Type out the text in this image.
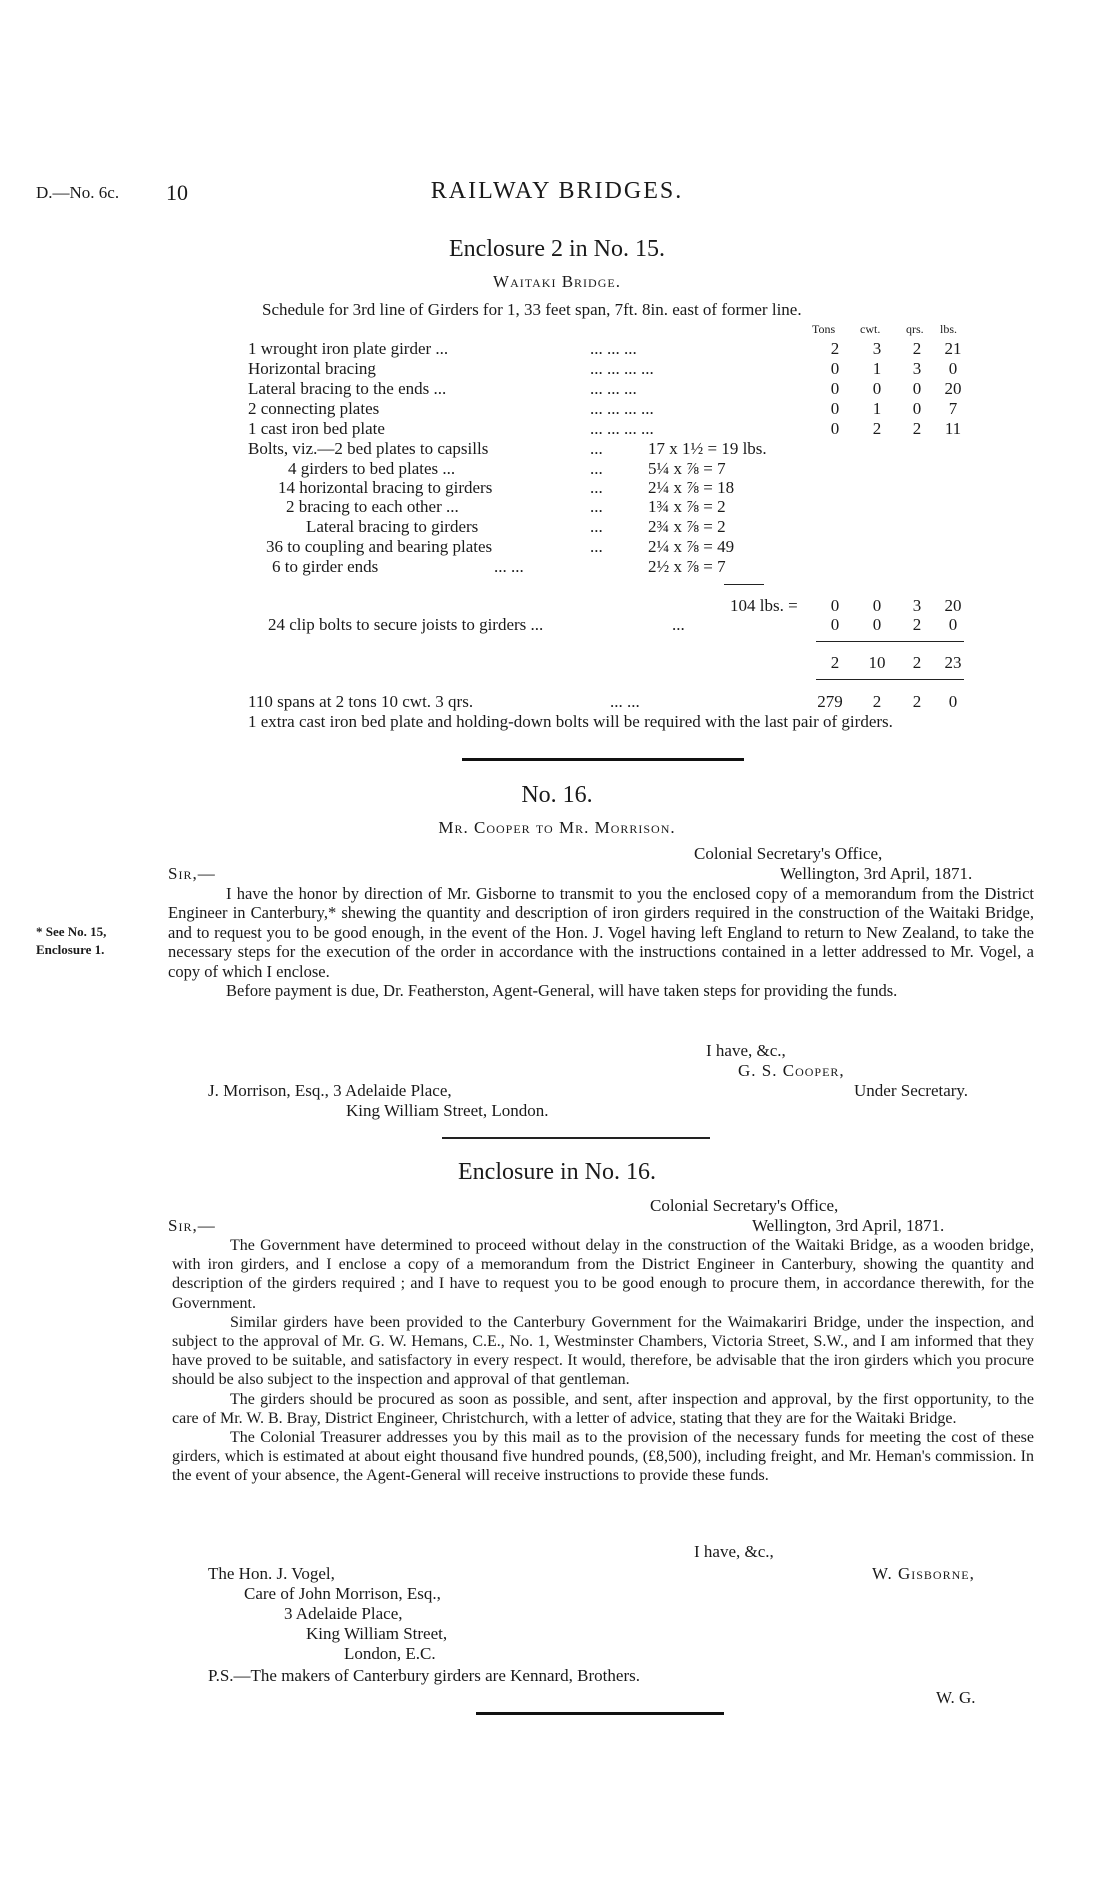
D.—No. 6c. 10	RAILWAY BRIDGES.
Enclosure 2 in No. 15.
Waitaki Bridge.
Schedule for 3rd line of Girders for 1, 33 feet span, 7ft. 8in. east of former line.
Tons cwt. qrs. lbs.
1 wrought iron plate girder ...	... ... ...	2	3	2	21
Horizontal bracing	... ... ... ...	0	1	3	0
Lateral bracing to the ends ...	... ... ...	0	0	0	20
2 connecting plates	... ... ... ...	0	1	0	7
1 cast iron bed plate	... ... ... ...	0	2	2	11
Bolts, viz.—2 bed plates to capsills	...	17 x 1½ = 19 lbs.
4 girders to bed plates ...	...	5¼ x ⅞ = 7
14 horizontal bracing to girders	...	2¼ x ⅞ = 18
2 bracing to each other ...	...	1¾ x ⅞ = 2
Lateral bracing to girders	...	2¾ x ⅞ = 2
36 to coupling and bearing plates	...	2¼ x ⅞ = 49
6 to girder ends	... ...	2½ x ⅞ = 7
104 lbs. =	0	0	3	20
24 clip bolts to secure joists to girders ...	...	0	0	2	0
2	10	2	23
110 spans at 2 tons 10 cwt. 3 qrs.	... ...	279	2	2	0
1 extra cast iron bed plate and holding-down bolts will be required with the last pair of girders.
No. 16.
Mr. Cooper to Mr. Morrison.
Colonial Secretary's Office,
Sir,—	Wellington, 3rd April, 1871.
* See No. 15,
Enclosure 1.

I have the honor by direction of Mr. Gisborne to transmit to you the enclosed copy of a memorandum from the District Engineer in Canterbury,* shewing the quantity and description of iron girders required in the construction of the Waitaki Bridge, and to request you to be good enough, in the event of the Hon. J. Vogel having left England to return to New Zealand, to take the necessary steps for the execution of the order in accordance with the instructions contained in a letter addressed to Mr. Vogel, a copy of which I enclose.

Before payment is due, Dr. Featherston, Agent-General, will have taken steps for providing the funds.

I have, &c.,
G. S. Cooper,
Under Secretary.
J. Morrison, Esq., 3 Adelaide Place,
King William Street, London.
Enclosure in No. 16.
Colonial Secretary's Office,
Sir,—	Wellington, 3rd April, 1871.

The Government have determined to proceed without delay in the construction of the Waitaki Bridge, as a wooden bridge, with iron girders, and I enclose a copy of a memorandum from the District Engineer in Canterbury, showing the quantity and description of the girders required ; and I have to request you to be good enough to procure them, in accordance therewith, for the Government.

Similar girders have been provided to the Canterbury Government for the Waimakariri Bridge, under the inspection, and subject to the approval of Mr. G. W. Hemans, C.E., No. 1, Westminster Chambers, Victoria Street, S.W., and I am informed that they have proved to be suitable, and satisfactory in every respect. It would, therefore, be advisable that the iron girders which you procure should be also subject to the inspection and approval of that gentleman.

The girders should be procured as soon as possible, and sent, after inspection and approval, by the first opportunity, to the care of Mr. W. B. Bray, District Engineer, Christchurch, with a letter of advice, stating that they are for the Waitaki Bridge.

The Colonial Treasurer addresses you by this mail as to the provision of the necessary funds for meeting the cost of these girders, which is estimated at about eight thousand five hundred pounds, (£8,500), including freight, and Mr. Heman's commission. In the event of your absence, the Agent-General will receive instructions to provide these funds.

I have, &c.,
W. Gisborne,
The Hon. J. Vogel,
Care of John Morrison, Esq.,
3 Adelaide Place,
King William Street,
London, E.C.
P.S.—The makers of Canterbury girders are Kennard, Brothers.
W. G.
